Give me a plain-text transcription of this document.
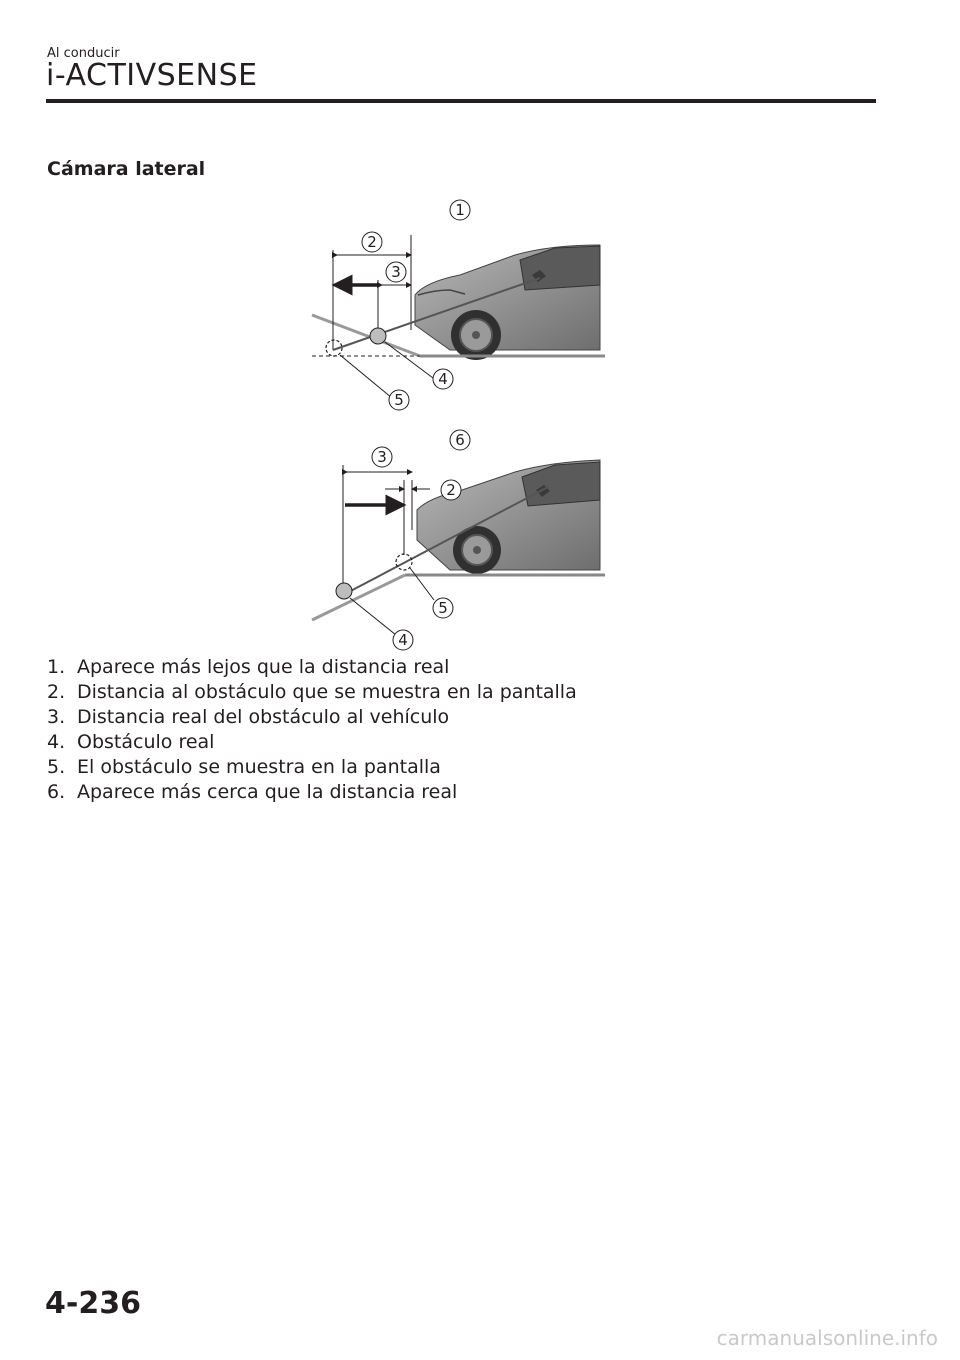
Al conducir
i-ACTIVSENSE
Cámara lateral
1
2
3
4
5
6
3
2
5
4
1. Aparece más lejos que la distancia real
2. Distancia al obstáculo que se muestra en la pantalla
3. Distancia real del obstáculo al vehículo
4. Obstáculo real
5. El obstáculo se muestra en la pantalla
6. Aparece más cerca que la distancia real
4-236
carmanualsonline.info
